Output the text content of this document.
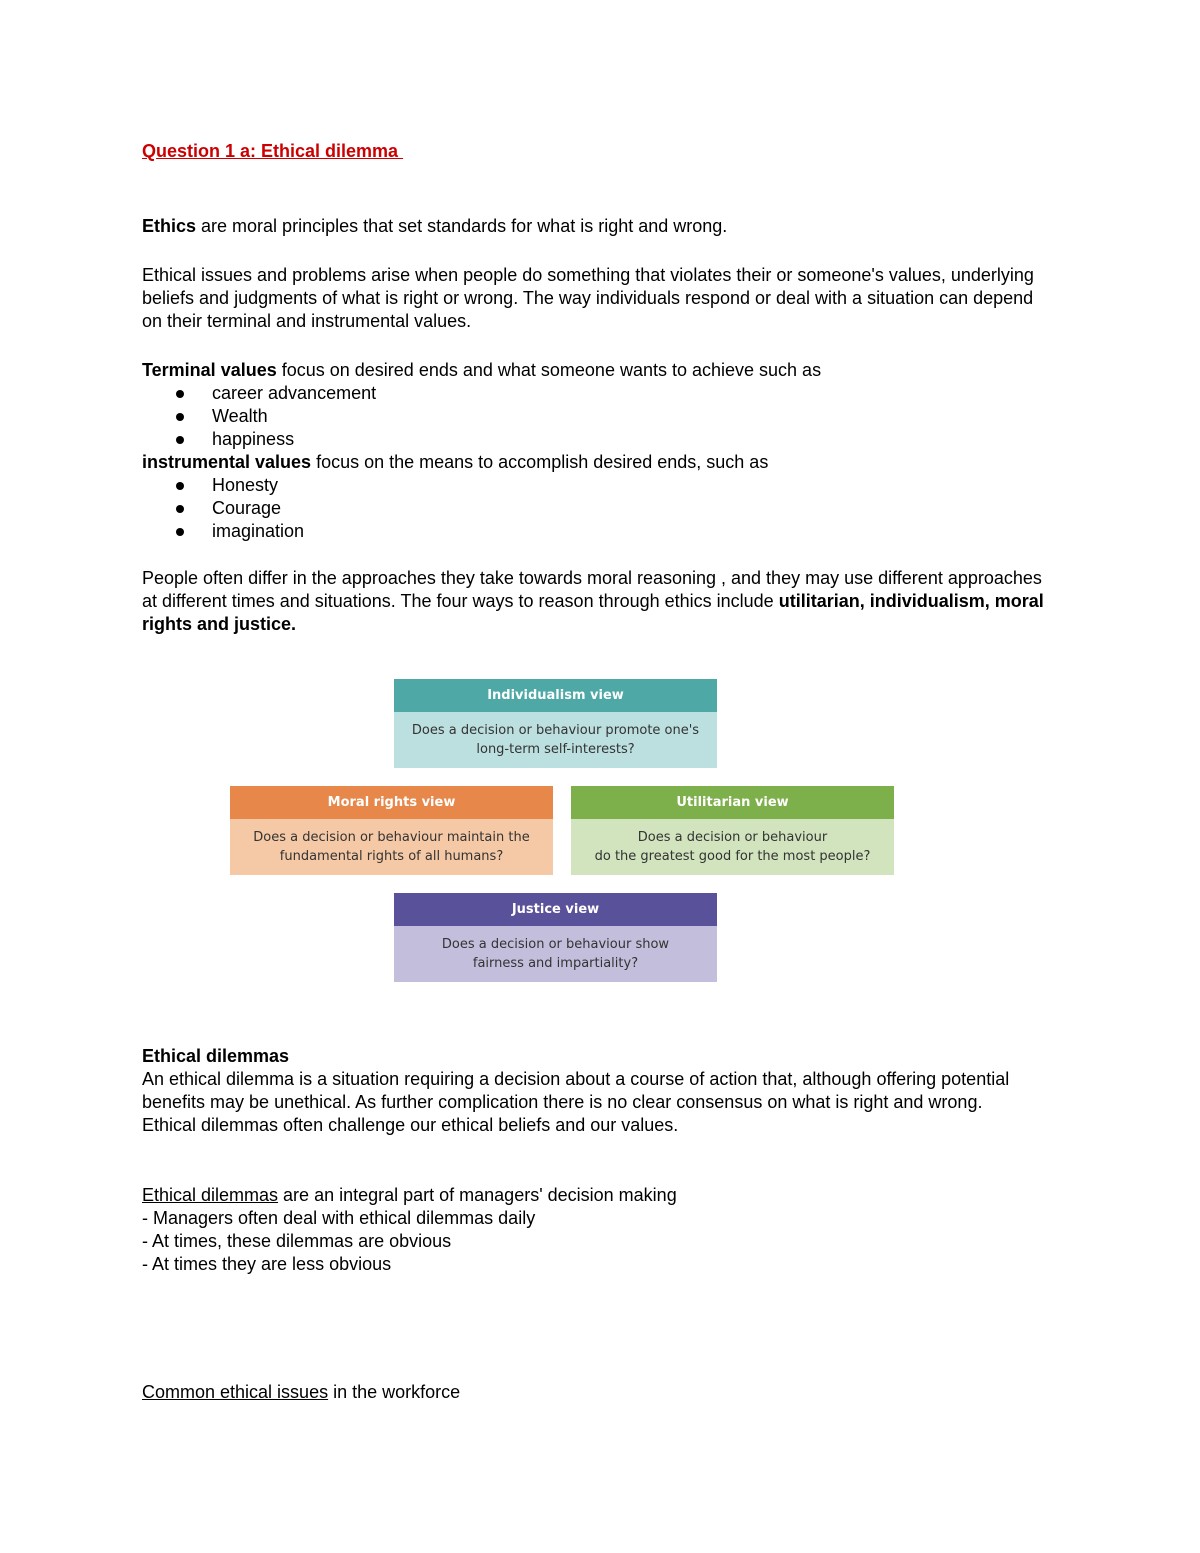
Question 1 a: Ethical dilemma

Ethics are moral principles that set standards for what is right and wrong.

Ethical issues and problems arise when people do something that violates their or someone's values, underlying beliefs and judgments of what is right or wrong. The way individuals respond or deal with a situation can depend on their terminal and instrumental values.

Terminal values focus on desired ends and what someone wants to achieve such as

career advancement
Wealth
happiness

instrumental values focus on the means to accomplish desired ends, such as

Honesty
Courage
imagination

People often differ in the approaches they take towards moral reasoning , and they may use different approaches at different times and situations. The four ways to reason through ethics include utilitarian, individualism, moral rights and justice.

Ethical dilemmas

An ethical dilemma is a situation requiring a decision about a course of action that, although offering potential benefits may be unethical. As further complication there is no clear consensus on what is right and wrong.

Ethical dilemmas often challenge our ethical beliefs and our values.

Ethical dilemmas are an integral part of managers' decision making

- Managers often deal with ethical dilemmas daily

- At times, these dilemmas are obvious

- At times they are less obvious

Common ethical issues in the workforce

Individualism view
Does a decision or behaviour promote one's
long-term self-interests?
Moral rights view
Does a decision or behaviour maintain the
fundamental rights of all humans?
Utilitarian view
Does a decision or behaviour
do the greatest good for the most people?
Justice view
Does a decision or behaviour show
fairness and impartiality?
